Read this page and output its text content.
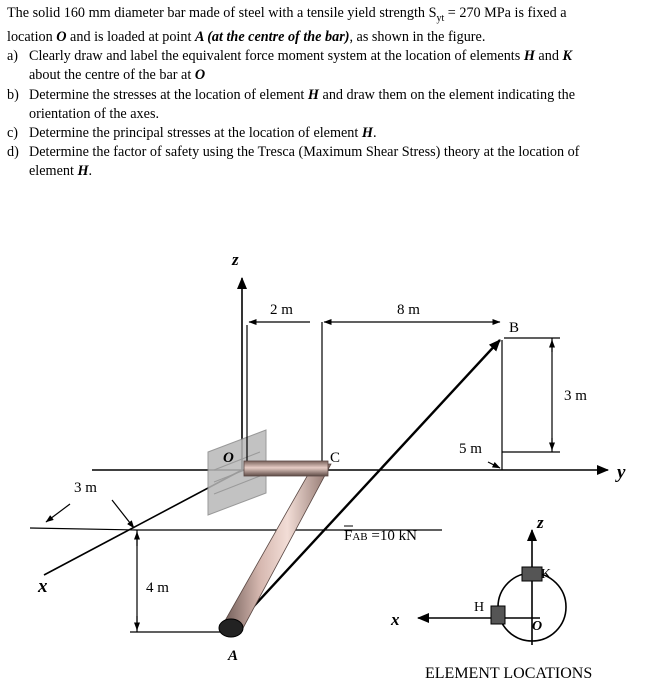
The solid 160 mm diameter bar made of steel with a tensile yield strength $S_{yt} = 270$ MPa is fixed a
location O and is loaded at point A (at the centre of the bar), as shown in the figure.
a) Clearly draw and label the equivalent force moment system at the location of elements H and K
about the centre of the bar at O
b) Determine the stresses at the location of element H and draw them on the element indicating the
orientation of the axes.
c) Determine the principal stresses at the location of element H.
d) Determine the factor of safety using the Tresca (Maximum Shear Stress) theory at the location of
element H.
z
y
x
O	C
A
B
2 m	8 m
3 m
5 m
3 m
4 m
FAB =10 kN
z
x
K
H
O
ELEMENT LOCATIONS
